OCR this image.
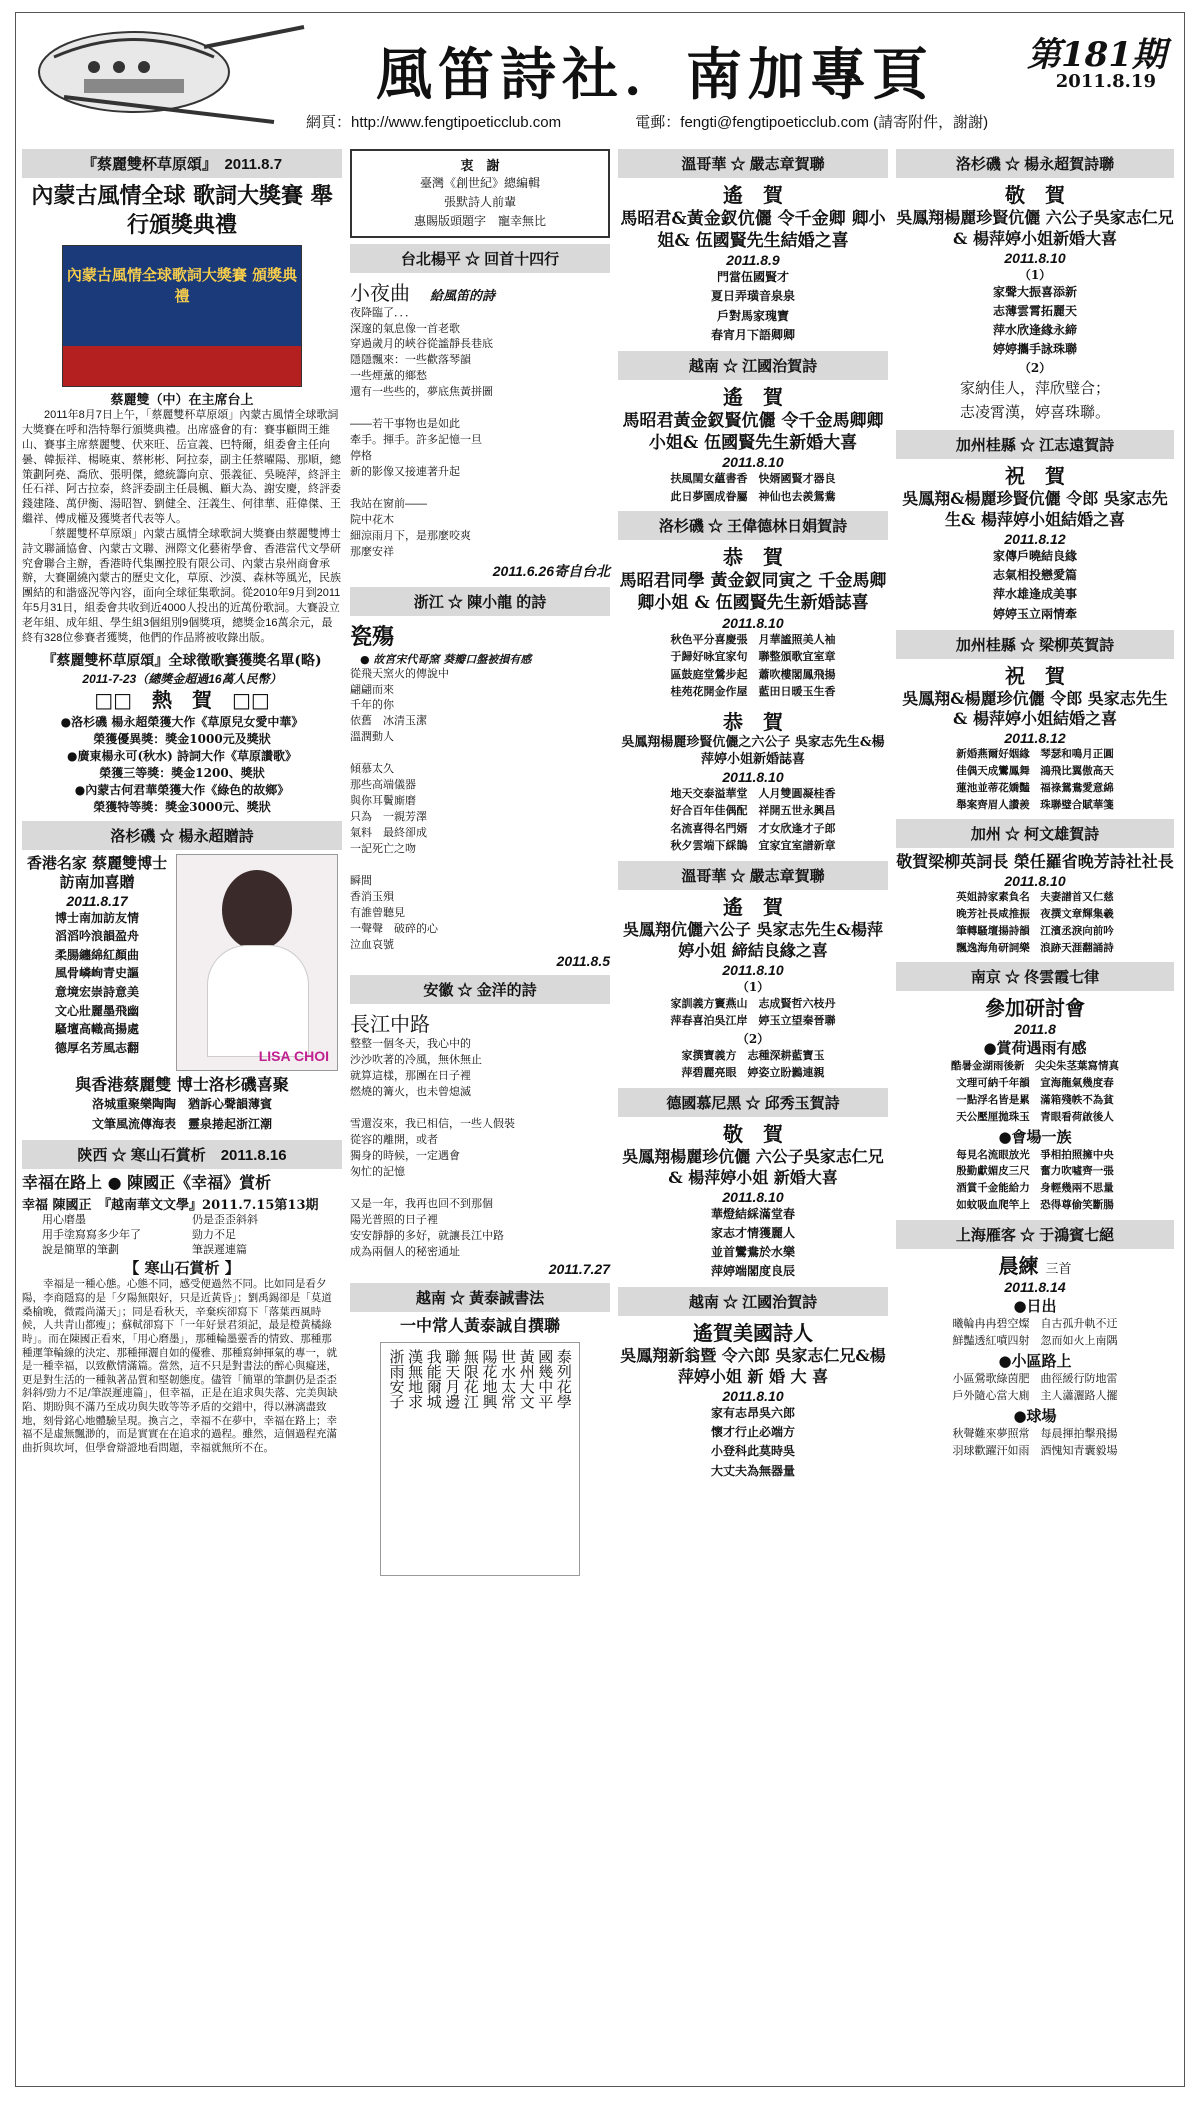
風笛詩社．南加專頁	第181期
2011.8.19
網頁：http://www.fengtipoeticclub.com	電郵：fengti@fengtipoeticclub.com (請寄附件，謝謝)
『蔡麗雙杯草原頌』　2011.8.7
內蒙古風情全球 歌詞大獎賽 舉行頒獎典禮
內蒙古風情全球歌詞大獎賽 頒獎典禮
蔡麗雙（中）在主席台上
2011年8月7日上午，「蔡麗雙杯草原頌」內蒙古風情全球歌詞大獎賽在呼和浩特舉行頒獎典禮。出席盛會的有：賽事顧問王維山、賽事主席蔡麗雙、伏來旺、岳宣義、巴特爾，組委會主任向曇、韓振祥、楊曉東、蔡彬彬、阿拉泰，副主任蔡曜陽、那順，總策劃阿堯、喬欣、張明傑，總統籌向京、張義征、吳曉萍，終評主任石祥、阿古拉泰，終評委副主任晨楓、顧大為、謝安慶，終評委錢建隆、萬伊衡、湯昭智、劉健全、汪義生、何律華、莊偉傑、王繼祥、傅成權及獲獎者代表等人。
「蔡麗雙杯草原頌」內蒙古風情全球歌詞大獎賽由蔡麗雙博士詩文聯誦協會、內蒙古文聯、洲際文化藝術學會、香港當代文學研究會聯合主辦，香港時代集團控股有限公司、內蒙古泉州商會承辦，大賽圍繞內蒙古的歷史文化，草原、沙漠、森林等風光，民族團結的和諧盛況等內容，面向全球征集歌詞。從2010年9月到2011年5月31日，組委會共收到近4000人投出的近萬份歌詞。大賽設立老年組、成年組、學生組3個組別9個獎項，總獎金16萬余元，最終有328位參賽者獲獎，他們的作品將被收錄出版。
『蔡麗雙杯草原頌』全球徵歌賽獲獎名單(略)
2011-7-23（總獎金超過16萬人民幣）
□□　熱　賀　□□
●洛杉磯 楊永超榮獲大作《草原兒女愛中華》
榮獲優異獎：獎金1000元及獎狀
●廣東楊永可(秋水) 詩詞大作《草原讚歌》
榮獲三等獎：獎金1200、獎狀
●內蒙古何君華榮獲大作《綠色的故鄉》
榮獲特等獎：獎金3000元、獎狀
洛杉磯 ☆ 楊永超贈詩
香港名家 蔡麗雙博士訪南加喜贈
2011.8.17
博士南加訪友情
滔滔吟浪韻盈舟
柔腸纏綿紅顏曲
風骨嶙峋青史謳
意境宏崇詩意美
文心壯麗墨飛幽
騷壇高幟高揚處
德厚名芳風志翻	LISA CHOI
與香港蔡麗雙 博士洛杉磯喜聚
洛城重聚樂陶陶　猶訴心聲韻薄賓
文筆風流傳海表　靈泉捲起浙江潮
陝西 ☆ 寒山石賞析　2011.8.16
幸福在路上 ● 陳國正《幸福》賞析
幸福 陳國正　『越南華文文學』2011.7.15第13期
用心磨墨
用手塗寫寫多少年了
說是簡單的筆劃
仍是歪歪斜斜
勁力不足
筆誤遲連篇
【 寒山石賞析 】
幸福是一種心態。心態不同，感受便過然不同。比如同是看夕陽，李商隱寫的是「夕陽無限好，只是近黃昏」；劉禹錫卻是「莫道桑榆晚，微霞尚滿天」；同是看秋天，辛棄疾卻寫下「落葉西風時候，人共青山都瘦」；蘇軾卻寫下「一年好景君須記，最是橙黃橘綠時」。而在陳國正看來，「用心磨墨」，那種輪墨靈香的情致、那種那種運筆輪線的決定、那種揮灑自如的優雅、那種寫紳揮氣的專一，就是一種幸福，以致歡情滿篇。當然，這不只是對書法的醉心與癡迷，更是對生活的一種執著品質和堅韌態度。儘管「簡單的筆劃仍是歪歪斜斜/勁力不足/筆誤遲連篇」，但幸福，正是在追求與失落、完美與缺陷、期盼與不滿乃至成功與失敗等等矛盾的交錯中，得以淋漓盡致地，刻骨銘心地體驗呈現。換言之，幸福不在夢中，幸福在路上；幸福不是虛無飄渺的，而是實實在在追求的過程。雖然，這個過程充滿曲折與坎坷，但學會辯證地看問題，幸福就無所不在。
衷　謝
臺灣《創世紀》總編輯
張默詩人前輩
惠賜版頭題字　寵幸無比
台北楊平 ☆ 回首十四行
小夜曲　 給風笛的詩
夜降臨了．．．
深邃的氣息像一首老歌
穿過歲月的峽谷從謐靜長巷底
隱隱飄來：一些歡落琴韻
一些煙薰的鄉愁
還有一些些的，夢底焦黃拼圖

——若干事物也是如此
牽手。揮手。許多記憶一旦
停格
新的影像又接連著升起

我站在窗前——
院中花木
細涼雨月下，是那麼咬爽
那麼安祥
2011.6.26寄自台北
浙江 ☆ 陳小龍 的詩
瓷殤
● 故宮宋代哥窯 葵瓣口盤被損有感
從飛天窯火的傳說中
翩翩而來
千年的你
依舊　冰清玉潔
溫潤動人

傾慕太久
那些高端儀器
與你耳鬢廝磨
只為　一親芳澤
氣料　最終卻成
一記死亡之吻

瞬間
香消玉殞
有誰曾聽見
一聲聲　破碎的心
泣血哀號
2011.8.5
安徽 ☆ 金洋的詩
長江中路
整整一個冬天，我心中的
沙沙吹著的冷風，無休無止
就算這樣，那團在日子裡
燃燒的篝火，也未曾熄滅

雪還沒來，我已相信，一些人假裝
從容的離開，或者
獨身的時候，一定遇會
匆忙的記憶

又是一年，我再也回不到那個
陽光普照的日子裡
安安靜靜的多好，就讓長江中路
成為兩個人的秘密通址
2011.7.27
越南 ☆ 黃泰誠書法
一中常人黃泰誠自撰聯
泰列花學
國幾中平
黃州大文
世水太常
陽花地興
無限花江
聯天月邊
我能爾城
漢無地求
浙雨安子
溫哥華 ☆ 嚴志章賀聯
遙　賀
馬昭君&黃金釵伉儷 令千金卿 卿小姐& 伍國賢先生結婚之喜
2011.8.9
門當伍國賢才
夏日弄璜音泉泉
戶對馬家瑰寶
春宵月下語卿卿
越南 ☆ 江國治賀詩
遙　賀
馬昭君黃金釵賢伉儷 令千金馬卿卿小姐& 伍國賢先生新婚大喜
2011.8.10
扶風閨女蘊書香　快婿國賢才器良
此日夢園成眷屬　神仙也去羨鴛鴦
洛杉磯 ☆ 王偉德林日娟賀詩
恭　賀
馬昭君同學 黃金釵同寅之 千金馬卿卿小姐 & 伍國賢先生新婚誌喜
2011.8.10
秋色平分喜慶張　月華謐照美人袖
于歸好咏宜家句　聯整頒歌宜室章
區鼓庭堂鶯步起　蕭吹樓閣鳳飛揚
桂苑花開金作屋　藍田日暖玉生香
恭　賀
吳鳳翔楊麗珍賢伉儷之六公子 吳家志先生&楊萍婷小姐新婚誌喜
2011.8.10
地天交泰溢華堂　人月雙圓凝桂香
好合百年佳偶配　祥開五世永興昌
名流喜得名門婿　才女欣逢才子郎
秋夕雲端下綵鵲　宜家宜室譜新章
溫哥華 ☆ 嚴志章賀聯
遙　賀
吳鳳翔伉儷六公子 吳家志先生&楊萍婷小姐 締結良緣之喜
2011.8.10
（1）
家訓義方竇燕山　志成賢哲六枝丹
萍春喜泊吳江岸　婷玉立望秦晉聯
（2）
家撰寶義方　志種深耕藍寶玉
萍碧麗亮眼　婷姿立盼鶼連親
德國慕尼黑 ☆ 邱秀玉賀詩
敬　賀
吳鳳翔楊麗珍伉儷 六公子吳家志仁兄 & 楊萍婷小姐 新婚大喜
2011.8.10
華燈結綵滿堂春
家志才情獲麗人
並首鸞鴦於水樂
萍婷端閣度良辰
越南 ☆ 江國治賀詩
遙賀美國詩人
吳鳳翔新翁暨 令六郎 吳家志仁兄&楊萍婷小姐 新 婚 大 喜
2011.8.10
家有志昂吳六郎
懷才行止必端方
小登科此莫時吳
大丈夫為無器量
洛杉磯 ☆ 楊永超賀詩聯
敬　賀
吳鳳翔楊麗珍賢伉儷 六公子吳家志仁兄 & 楊萍婷小姐新婚大喜
2011.8.10
（1）
家聲大振喜添新
志薄雲霄拓麗天
萍水欣逢緣永締
婷婷攜手詠珠聯
（2）
家納佳人，萍欣璧合；
志凌霄漢，婷喜珠聯。
加州桂縣 ☆ 江志遠賀詩
祝　賀
吳鳳翔&楊麗珍賢伉儷 令郎 吳家志先生& 楊萍婷小姐結婚之喜
2011.8.12
家傳戶曉結良緣
志氣相投戀愛篇
萍水雄逢成美事
婷婷玉立兩情牽
加州桂縣 ☆ 梁柳英賀詩
祝　賀
吳鳳翔&楊麗珍伉儷 令郎 吳家志先生& 楊萍婷小姐結婚之喜
2011.8.12
新婚燕爾好姻緣　琴瑟和鳴月正圓
佳偶天成鸞鳳舞　鴻飛比翼傲高天
蓮池並蒂花嬌豔　福祿鴛鴦愛意綿
舉案齊眉人讚羨　珠聯璧合賦華箋
加州 ☆ 柯文雄賀詩
敬賀梁柳英詞長 榮任羅省晚芳詩社社長
2011.8.10
英姐詩家素負名　夫妻譜首又仁慈
晚芳社長咸推振　夜撰文章輝集羲
筆轉騷壇揚詩韻　江濱丞淚向前吟
飄逸海角研詞樂　浪跡天涯翻誦詩
南京 ☆ 佟雲霞七律
參加研討會
2011.8
●賞荷遇雨有感
酷暑金湖雨後新　尖尖朱茎葉寫情真
文理可納千年韻　宣海龍氣幾度春
一點浮名皆是累　滿箱殘帙不為貧
天公壓厘拋珠玉　青眼看荷啟後人
●會場一族
每見名流眼放光　爭相拍照擁中央
殷勤獻媚皮三尺　奮力吹噓齊一張
酒賞千金能給力　身輕幾兩不思量
如蚊吸血爬竿上　恐得尊偷笑斷腸
上海雁客 ☆ 于鴻賓七絕
晨練 三首
2011.8.14
●日出
曦輪冉冉碧空燦　自古孤升軌不迂
鮮豔透紅噴四射　忽而如火上南隅
●小區路上
小區鶯歌綠茵肥　曲徑緩行防地雷
戶外隨心當大廁　主人瀟灑路人擺
●球場
秋聲難來夢照常　每晨揮拍擊飛揚
羽球歡躍汗如雨　酒愧知青囊毅場
